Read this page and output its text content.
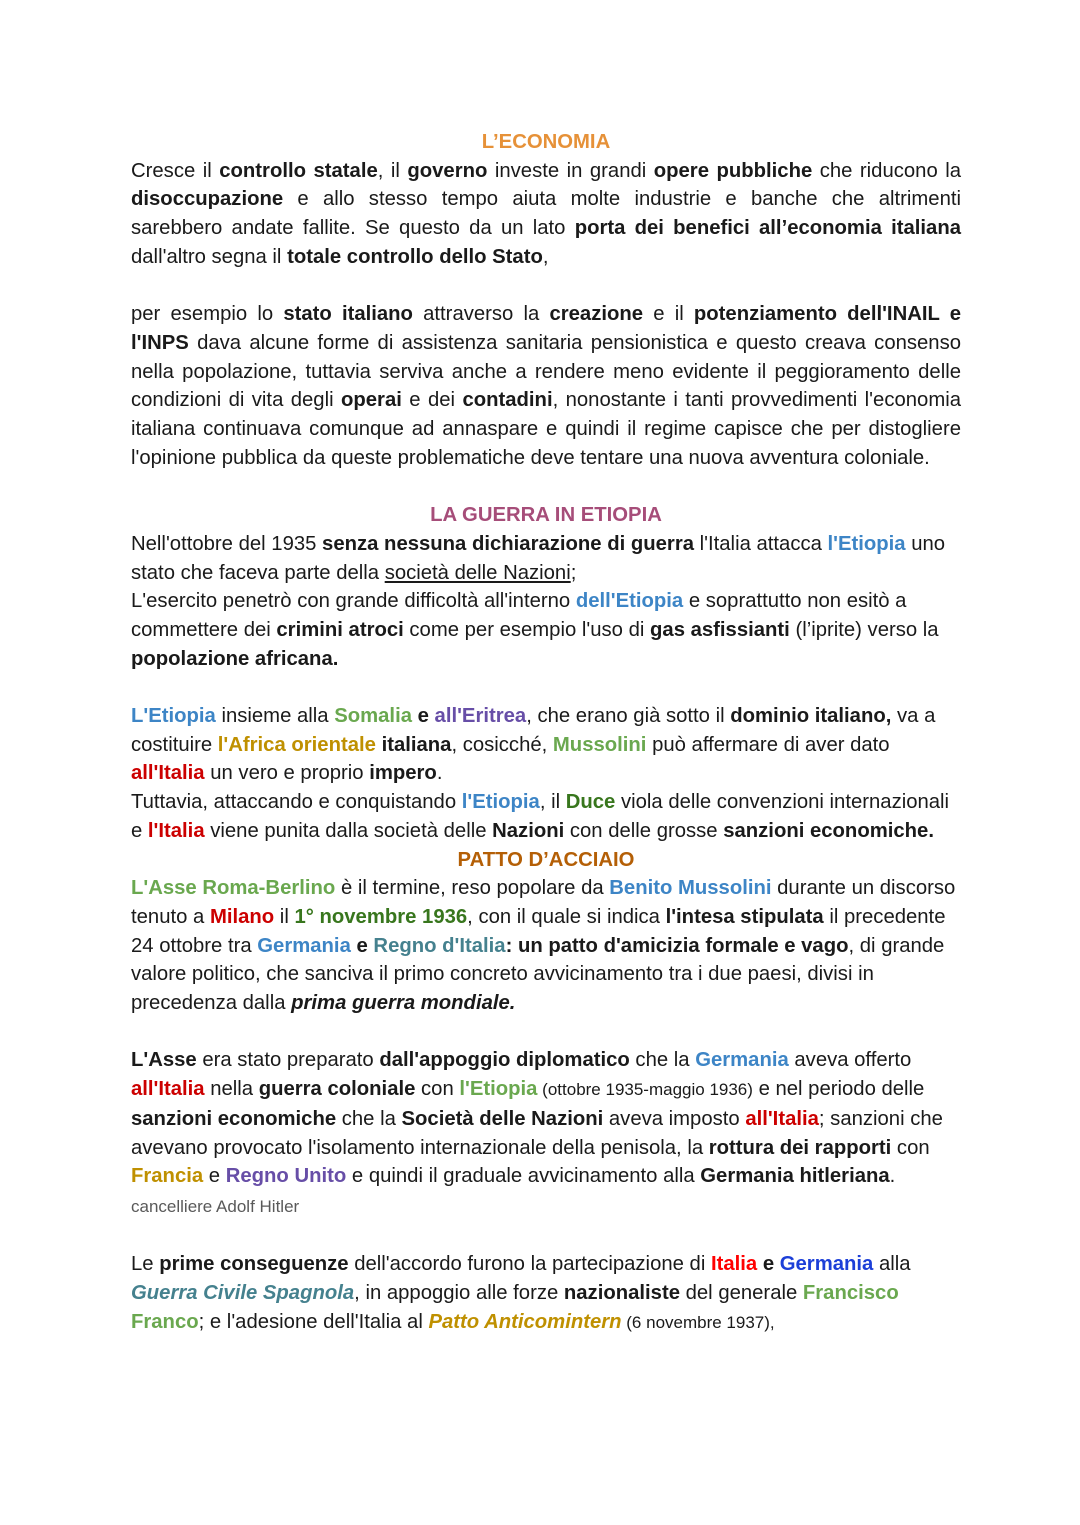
L’ECONOMIA
Cresce il controllo statale, il governo investe in grandi opere pubbliche che riducono la disoccupazione e allo stesso tempo aiuta molte industrie e banche che altrimenti sarebbero andate fallite. Se questo da un lato porta dei benefici all’economia italiana dall'altro segna il totale controllo dello Stato,
per esempio lo stato italiano attraverso la creazione e il potenziamento dell'INAIL e l'INPS dava alcune forme di assistenza sanitaria pensionistica e questo creava consenso nella popolazione, tuttavia serviva anche a rendere meno evidente il peggioramento delle condizioni di vita degli operai e dei contadini, nonostante i tanti provvedimenti l'economia italiana continuava comunque ad annaspare e quindi il regime capisce che per distogliere l'opinione pubblica da queste problematiche deve tentare una nuova avventura coloniale.
LA GUERRA IN ETIOPIA
Nell'ottobre del 1935 senza nessuna dichiarazione di guerra l'Italia attacca l'Etiopia uno stato che faceva parte della società delle Nazioni;
L'esercito penetrò con grande difficoltà all'interno dell'Etiopia e soprattutto non esitò a commettere dei crimini atroci come per esempio l'uso di gas asfissianti (l’iprite) verso la popolazione africana.
L'Etiopia insieme alla Somalia e all'Eritrea, che erano già sotto il dominio italiano, va a costituire l'Africa orientale italiana, cosicché, Mussolini può affermare di aver dato all'Italia un vero e proprio impero.
Tuttavia, attaccando e conquistando l'Etiopia, il Duce viola delle convenzioni internazionali e l'Italia viene punita dalla società delle Nazioni con delle grosse sanzioni economiche.
PATTO D’ACCIAIO
L'Asse Roma-Berlino è il termine, reso popolare da Benito Mussolini durante un discorso tenuto a Milano il 1° novembre 1936, con il quale si indica l'intesa stipulata il precedente 24 ottobre tra Germania e Regno d'Italia: un patto d'amicizia formale e vago, di grande valore politico, che sanciva il primo concreto avvicinamento tra i due paesi, divisi in precedenza dalla prima guerra mondiale.
L'Asse era stato preparato dall'appoggio diplomatico che la Germania aveva offerto all'Italia nella guerra coloniale con l'Etiopia (ottobre 1935-maggio 1936) e nel periodo delle sanzioni economiche che la Società delle Nazioni aveva imposto all'Italia; sanzioni che avevano provocato l'isolamento internazionale della penisola, la rottura dei rapporti con Francia e Regno Unito e quindi il graduale avvicinamento alla Germania hitleriana. cancelliere Adolf Hitler
Le prime conseguenze dell'accordo furono la partecipazione di Italia e Germania alla Guerra Civile Spagnola, in appoggio alle forze nazionaliste del generale Francisco Franco; e l'adesione dell'Italia al Patto Anticomintern (6 novembre 1937),
